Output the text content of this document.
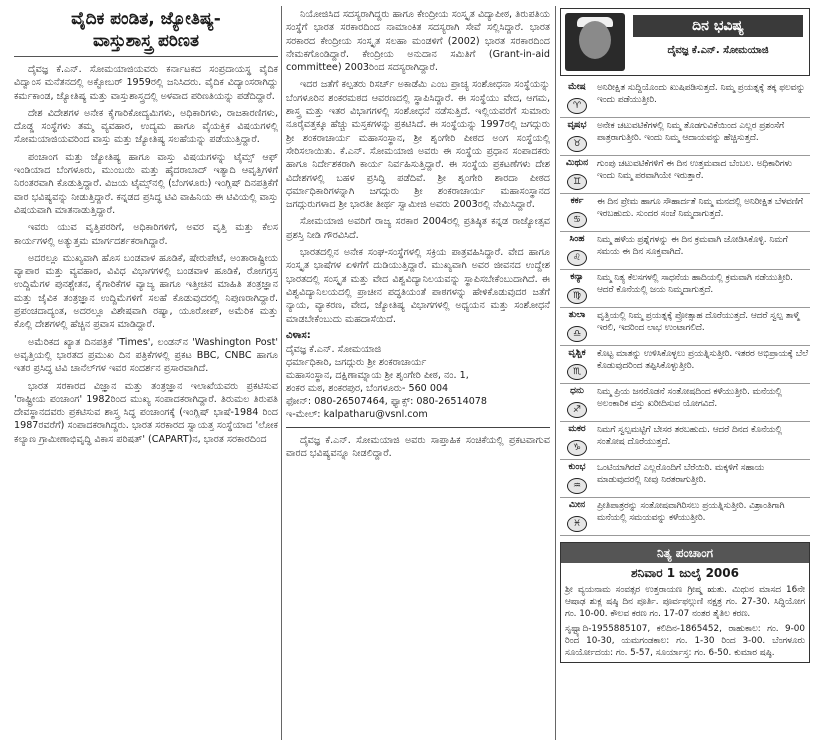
ವೈದಿಕ ಪಂಡಿತ, ಜ್ಯೋತಿಷ್ಯ-
ವಾಸ್ತುಶಾಸ್ತ್ರ ಪರಿಣತ

ದೈವಜ್ಞ ಕೆ.ಎನ್. ಸೋಮಯಾಜಿಯವರು ಕರ್ನಾಟಕದ ಸಂಪ್ರದಾಯಸ್ಥ ವೈದಿಕ ವಿದ್ವಾಂಸ ಮನೆತನದಲ್ಲಿ ಅಕ್ಟೋಬರ್ 1959ರಲ್ಲಿ ಜನಿಸಿದರು. ವೈದಿಕ ವಿದ್ಯಾಂಸರಾಗಿದ್ದು ಕರ್ಮಕಾಂಡ, ಜ್ಯೋತಿಷ್ಯ ಮತ್ತು ವಾಸ್ತುಶಾಸ್ತ್ರದಲ್ಲಿ ಅಳವಾದ ಪರಿಣತಿಯನ್ನು ಪಡೆದಿದ್ದಾರೆ.

ದೇಶ ವಿದೇಶಗಳ ಅನೇಕ ಕೈಗಾರಿಕೋದ್ಯಮಿಗಳು, ಅಧಿಕಾರಿಗಳು, ರಾಜಕಾರಣಿಗಳು, ದೊಡ್ಡ ಸಂಸ್ಥೆಗಳು ತಮ್ಮ ವ್ಯವಹಾರ, ಉದ್ಯಮ ಹಾಗೂ ವೈಯಕ್ತಿಕ ವಿಷಯಗಳಲ್ಲಿ ಸೋಮಯಾಜಿಯವರಿಂದ ವಾಸ್ತು ಮತ್ತು ಜ್ಯೋತಿಷ್ಯ ಸಲಹೆಯನ್ನು ಪಡೆಯುತ್ತಿದ್ದಾರೆ.

ಪಂಚಾಂಗ ಮತ್ತು ಜ್ಯೋತಿಷ್ಯ ಹಾಗೂ ವಾಸ್ತು ವಿಷಯಗಳನ್ನು ಟೈಮ್ಸ್ ಆಫ್ ಇಂಡಿಯಾದ ಬೆಂಗಳೂರು, ಮುಂಬಯಿ ಮತ್ತು ಹೈದರಾಬಾದ್ ಇತ್ಯಾದಿ ಆವೃತ್ತಿಗಳಿಗೆ ನಿರಂತರವಾಗಿ ಕೊಡುತ್ತಿದ್ದಾರೆ. ವಿಜಯ ಟೈಮ್ಸ್‌ನಲ್ಲಿ (ಬೆಂಗಳೂರು) ಇಂಗ್ಲಿಷ್ ದಿನಪತ್ರಿಕೆಗೆ ವಾರ ಭವಿಷ್ಯವನ್ನು ನೀಡುತ್ತಿದ್ದಾರೆ. ಕನ್ನಡದ ಪ್ರಸಿದ್ಧ ಟಿವಿ ವಾಹಿನಿಯ ಈ ಟಿವಿಯಲ್ಲಿ ವಾಸ್ತು ವಿಷಯವಾಗಿ ಮಾತನಾಡುತ್ತಿದ್ದಾರೆ.

ಇವರು ಯುವ ವೃತ್ತಿಪರರಿಗೆ, ಅಧಿಕಾರಿಗಳಿಗೆ, ಅವರ ವೃತ್ತಿ ಮತ್ತು ಕೆಲಸ ಕಾರ್ಯಗಳಲ್ಲಿ ಅತ್ಯುತ್ತಮ ಮಾರ್ಗದರ್ಶಕರಾಗಿದ್ದಾರೆ.

ಅದರಲ್ಲೂ ಮುಖ್ಯವಾಗಿ ಹೊಸ ಬಂಡವಾಳ ಹೂಡಿಕೆ, ಷೇರುಪೇಟೆ, ಅಂತಾರಾಷ್ಟ್ರೀಯ ವ್ಯಾಪಾರ ಮತ್ತು ವ್ಯವಹಾರ, ವಿವಿಧ ವಿಭಾಗಗಳಲ್ಲಿ ಬಂಡವಾಳ ಹೂಡಿಕೆ, ರೋಗಗ್ರಸ್ತ ಉದ್ದಿಮೆಗಳ ಪುನಶ್ಚೇತನ, ಕೈಗಾರಿಕೆಗಳ ವ್ಯಾಜ್ಯ ಹಾಗೂ ಇತ್ತೀಚಿನ ಮಾಹಿತಿ ತಂತ್ರಜ್ಞಾನ ಮತ್ತು ಜೈವಿಕ ತಂತ್ರಜ್ಞಾನ ಉದ್ದಿಮೆಗಳಿಗೆ ಸಲಹೆ ಕೊಡುವುದರಲ್ಲಿ ನಿಪುಣರಾಗಿದ್ದಾರೆ. ಪ್ರಪಂಚದಾದ್ಯಂತ, ಅದರಲ್ಲೂ ವಿಶೇಷವಾಗಿ ರಷ್ಯಾ, ಯೂರೋಪ್, ಅಮೆರಿಕ ಮತ್ತು ಕೊಲ್ಲಿ ದೇಶಗಳಲ್ಲಿ ಹೆಚ್ಚಿನ ಪ್ರವಾಸ ಮಾಡಿದ್ದಾರೆ.

ಅಮೆರಿಕದ ಖ್ಯಾತ ದಿನಪತ್ರಿಕೆ 'Times', ಲಂಡನ್‌ನ 'Washington Post' ಅವೃತ್ತಿಯಲ್ಲಿ ಭಾರತದ ಪ್ರಮುಖ ದಿನ ಪತ್ರಿಕೆಗಳಲ್ಲಿ ಪ್ರಕಟ BBC, CNBC ಹಾಗೂ ಇತರ ಪ್ರಸಿದ್ಧ ಟಿವಿ ಚಾನೆಲ್‌ಗಳ ಇವರ ಸಂದರ್ಶನ ಪ್ರಸಾರವಾಗಿದೆ.

ಭಾರತ ಸರಕಾರದ ವಿಜ್ಞಾನ ಮತ್ತು ತಂತ್ರಜ್ಞಾನ ಇಲಾಖೆಯವರು ಪ್ರಕಟಿಸುವ 'ರಾಷ್ಟ್ರೀಯ ಪಂಚಾಂಗ' 1982ರಿಂದ ಮುಖ್ಯ ಸಂಪಾದಕರಾಗಿದ್ದಾರೆ. ತಿರುಮಲ ತಿರುಪತಿ ದೇವಸ್ಥಾನದವರು ಪ್ರಕಟಿಸುವ ಶಾಸ್ತ್ರ ಸಿದ್ಧ ಪಂಚಾಂಗಕ್ಕೆ (ಇಂಗ್ಲಿಷ್ ಭಾಷೆ-1984 ರಿಂದ 1987ರವರೆಗೆ) ಸಂಪಾದಕರಾಗಿದ್ದರು. ಭಾರತ ಸರಕಾರದ ಸ್ವಾಯತ್ತ ಸಂಸ್ಥೆಯಾದ 'ಲೋಕ ಕಲ್ಯಾಣ ಗ್ರಾಮೀಣಾಭಿವೃದ್ಧಿ ವಿಕಾಸ ಪರಿಷತ್' (CAPART)ನ, ಭಾರತ ಸರಕಾರದಿಂದ

ನಿಯೋಜಿಸಿದ ಸದಸ್ಯರಾಗಿದ್ದರು ಹಾಗೂ ಕೇಂದ್ರೀಯ ಸಂಸ್ಕೃತ ವಿದ್ಯಾಪೀಠ, ತಿರುಪತಿಯ ಸಂಸ್ಥೆಗೆ ಭಾರತ ಸರಕಾರದಿಂದ ನಾಮಾಂಕಿತ ಸದಸ್ಯರಾಗಿ ಸೇವೆ ಸಲ್ಲಿಸಿದ್ದಾರೆ. ಭಾರತ ಸರಕಾರದ ಕೇಂದ್ರೀಯ ಸಂಸ್ಕೃತ ಸಲಹಾ ಮಂಡಳಿಗೆ (2002) ಭಾರತ ಸರಕಾರದಿಂದ ನೇಮಕಗೊಂಡಿದ್ದಾರೆ. ಕೇಂದ್ರೀಯ ಅನುದಾನ ಸಮಿತಿಗೆ (Grant-in-aid committee) 2003ರಿಂದ ಸದಸ್ಯರಾಗಿದ್ದಾರೆ.

ಇದರ ಜತೆಗೆ ಕಲ್ಪತರು ರಿಸರ್ಚ್ ಅಕಾಡೆಮಿ ಎಂಬ ಪ್ರಾಚ್ಯ ಸಂಶೋಧನಾ ಸಂಸ್ಥೆಯನ್ನು ಬೆಂಗಳೂರಿನ ಶಂಕರಮಠದ ಆವರಣದಲ್ಲಿ ಸ್ಥಾಪಿಸಿದ್ದಾರೆ. ಈ ಸಂಸ್ಥೆಯು ವೇದ, ಆಗಮ, ಶಾಸ್ತ್ರ ಮತ್ತು ಇತರ ವಿಭಾಗಗಳಲ್ಲಿ ಸಂಶೋಧನೆ ನಡೆಸುತ್ತಿದೆ. ಇಲ್ಲಿಯವರೆಗೆ ಸುಮಾರು ನೂರೈವತ್ತಕ್ಕೂ ಹೆಚ್ಚು ಮಸ್ತಕಗಳನ್ನು ಪ್ರಕಟಿಸಿದೆ. ಈ ಸಂಸ್ಥೆಯನ್ನು 1997ರಲ್ಲಿ ಜಗದ್ಗುರು ಶ್ರೀ ಶಂಕರಾಚಾರ್ಯ ಮಹಾಸಂಸ್ಥಾನ, ಶ್ರೀ ಶೃಂಗೇರಿ ಪೀಠದ ಅಂಗ ಸಂಸ್ಥೆಯಲ್ಲಿ ಸೇರಿಸಲಾಯಿತು. ಕೆ.ಎನ್. ಸೋಮಯಾಜಿ ಅವರು ಈ ಸಂಸ್ಥೆಯ ಪ್ರಧಾನ ಸಂಪಾದಕರು ಹಾಗೂ ನಿರ್ದೇಶಕರಾಗಿ ಕಾರ್ಯ ನಿರ್ವಹಿಸುತ್ತಿದ್ದಾರೆ. ಈ ಸಂಸ್ಥೆಯ ಪ್ರಕಟಣೆಗಳು ದೇಶ ವಿದೇಶಗಳಲ್ಲಿ ಬಹಳ ಪ್ರಸಿದ್ಧಿ ಪಡೆದಿವೆ. ಶ್ರೀ ಶೃಂಗೇರಿ ಶಾರದಾ ಪೀಠದ ಧರ್ಮಾಧಿಕಾರಿಗಳನ್ನಾಗಿ ಜಗದ್ಗುರು ಶ್ರೀ ಶಂಕರಾಚಾರ್ಯ ಮಹಾಸಂಸ್ಥಾನದ ಜಗದ್ಗುರುಗಳಾದ ಶ್ರೀ ಭಾರತೀ ತೀರ್ಥ ಸ್ವಾಮೀಜಿ ಅವರು 2003ರಲ್ಲಿ ನೇಮಿಸಿದ್ದಾರೆ.

ಸೋಮಯಾಜಿ ಅವರಿಗೆ ರಾಜ್ಯ ಸರಕಾರ 2004ರಲ್ಲಿ ಪ್ರತಿಷ್ಠಿತ ಕನ್ನಡ ರಾಜ್ಯೋತ್ಸವ ಪ್ರಶಸ್ತಿ ನೀಡಿ ಗೌರವಿಸಿದೆ.

ಭಾರತದಲ್ಲಿನ ಅನೇಕ ಸಂಘ-ಸಂಸ್ಥೆಗಳಲ್ಲಿ ಸಕ್ರಿಯ ಪಾತ್ರವಹಿಸಿದ್ದಾರೆ. ವೇದ ಹಾಗೂ ಸಂಸ್ಕೃತ ಭಾಷೆಗಳ ಏಳಿಗೆಗೆ ದುಡಿಯುತ್ತಿದ್ದಾರೆ. ಮುಖ್ಯವಾಗಿ ಅವರ ಜೀವನದ ಉದ್ದೇಶ ಭಾರತದಲ್ಲಿ ಸಂಸ್ಕೃತ ಮತ್ತು ವೇದ ವಿಶ್ವವಿದ್ಯಾನಿಲಯವನ್ನು ಸ್ಥಾಪಿಸಬೇಕೆಂಬುದಾಗಿದೆ. ಈ ವಿಶ್ವವಿದ್ಯಾನಿಲಯದಲ್ಲಿ ಪ್ರಾಚೀನ ಪದ್ಧತಿಯಂತೆ ಪಾಠಗಳನ್ನು ಹೇಳಿಕೊಡುವುದರ ಜತೆಗೆ ನ್ಯಾಯ, ವ್ಯಾಕರಣ, ವೇದ, ಜ್ಯೋತಿಷ್ಯ ವಿಭಾಗಗಳಲ್ಲಿ ಅಧ್ಯಯನ ಮತ್ತು ಸಂಶೋಧನೆ ಮಾಡಬೇಕೆಂಬುದು ಮಹದಾಸೆಯಿದೆ.

ವಿಳಾಸ:

ದೈವಜ್ಞ ಕೆ.ಎನ್. ಸೋಮಯಾಜಿ

ಧರ್ಮಾಧಿಕಾರಿ, ಜಗದ್ಗುರು ಶ್ರೀ ಶಂಕರಾಚಾರ್ಯ

ಮಹಾಸಂಸ್ಥಾನ, ದಕ್ಷಿಣಾಮ್ನಾಯ ಶ್ರೀ ಶೃಂಗೇರಿ ಪೀಠ, ನಂ. 1,

ಶಂಕರ ಮಠ, ಶಂಕರಪುರ, ಬೆಂಗಳೂರು- 560 004

ಫೋನ್: 080-26507464, ಫ್ಯಾಕ್ಸ್: 080-26514078

ಇ-ಮೇಲ್: kalpatharu@vsnl.com

ದೈವಜ್ಞ ಕೆ.ಎನ್. ಸೋಮಯಾಜಿ ಅವರು ಸಾಪ್ತಾಹಿಕ ಸಂಚಿಕೆಯಲ್ಲಿ ಪ್ರಕಟವಾಗುವ ವಾರದ ಭವಿಷ್ಯವನ್ನೂ ನೀಡಲಿದ್ದಾರೆ.

ದಿನ ಭವಿಷ್ಯ
ದೈವಜ್ಞ ಕೆ.ಎನ್. ಸೋಮಯಾಜಿ
ಮೇಷ
♈
ಅನಿರೀಕ್ಷಿತ ಸುದ್ದಿಯೊಂದು ಖುಷಿಪಡಿಸುತ್ತದೆ. ನಿಮ್ಮ ಪ್ರಯತ್ನಕ್ಕೆ ತಕ್ಕ ಫಲವನ್ನು ಇಂದು ಪಡೆಯುತ್ತೀರಿ.
ವೃಷಭ
♉
ಅನೇಕ ಚಟುವಟಿಕೆಗಳಲ್ಲಿ ನಿಮ್ಮ ತೊಡಗುವಿಕೆಯಿಂದ ಎಲ್ಲರ ಪ್ರಶಂಸೆಗೆ ಪಾತ್ರರಾಗುತ್ತೀರಿ. ಇಂದು ನಿಮ್ಮ ಆದಾಯವನ್ನು ಹೆಚ್ಚಿಸುತ್ತದೆ.
ಮಿಥುನ
♊
ಗುಂಪು ಚಟುವಟಿಕೆಗಳಿಗೆ ಈ ದಿನ ಉತ್ತಮವಾದ ಬೆಂಬಲ. ಅಧಿಕಾರಿಗಳು ಇಂದು ನಿಮ್ಮ ಪರವಾಗಿಯೇ ಇರುತ್ತಾರೆ.
ಕರ್ಕ
♋
ಈ ದಿನ ಪ್ರೇಮ ಹಾಗೂ ಸೌಹಾರ್ದತೆ ನಿಮ್ಮ ಮನದಲ್ಲಿ ಅನಿರೀಕ್ಷಿತ ಬೆಳವಣಿಗೆ ಇರಬಹುದು. ಸುಂದರ ಸಂಜೆ ನಿಮ್ಮದಾಗುತ್ತದೆ.
ಸಿಂಹ
♌
ನಿಮ್ಮ ಹಳೆಯ ಪ್ರಶ್ನೆಗಳನ್ನು ಈ ದಿನ ಕ್ರಮವಾಗಿ ಜೋಡಿಸಿಕೊಳ್ಳಿ. ನಿಮಗೆ ಸಮಯ ಈ ದಿನ ಸೂಕ್ತವಾಗಿದೆ.
ಕನ್ಯಾ
♍
ನಿಮ್ಮ ನಿತ್ಯ ಕೆಲಸಗಳಲ್ಲಿ ಸಾಧನೆಯ ಹಾದಿಯಲ್ಲಿ ಕ್ರಮವಾಗಿ ನಡೆಯುತ್ತೀರಿ. ಆದರೆ ಕೊನೆಯಲ್ಲಿ ಜಯ ನಿಮ್ಮದಾಗುತ್ತದೆ.
ತುಲಾ
♎
ವೃತ್ತಿಯಲ್ಲಿ ನಿಮ್ಮ ಪ್ರಯತ್ನಕ್ಕೆ ಪ್ರೋತ್ಸಾಹ ದೊರೆಯುತ್ತದೆ. ಆದರೆ ಸ್ವಲ್ಪ ತಾಳ್ಮೆ ಇರಲಿ, ಇದರಿಂದ ಲಾಭ ಉಂಟಾಗಲಿದೆ.
ವೃಶ್ಚಿಕ
♏
ಕೊಟ್ಟ ಮಾತನ್ನು ಉಳಿಸಿಕೊಳ್ಳಲು ಪ್ರಯತ್ನಿಸುತ್ತೀರಿ. ಇತರರ ಅಭಿಪ್ರಾಯಕ್ಕೆ ಬೆಲೆ ಕೊಡುವುದರಿಂದ ತಪ್ಪಿಸಿಕೊಳ್ಳುತ್ತೀರಿ.
ಧನು
♐
ನಿಮ್ಮ ಪ್ರಿಯ ಜನರೊಡನೆ ಸಂತೋಷದಿಂದ ಕಳೆಯುತ್ತೀರಿ. ಮನೆಯಲ್ಲಿ ಅಲಂಕಾರಿಕ ವಸ್ತು ಖರೀದಿಸುವ ಯೋಗವಿದೆ.
ಮಕರ
♑
ನಿಮಗೆ ಸ್ವಲ್ಪಮಟ್ಟಿಗೆ ಬೇಸರ ತರಬಹುದು. ಆದರೆ ದಿನದ ಕೊನೆಯಲ್ಲಿ ಸಂತೋಷ ದೊರೆಯುತ್ತದೆ.
ಕುಂಭ
♒
ಒಂಟಿಯಾಗಿರದೆ ಎಲ್ಲರೊಂದಿಗೆ ಬೆರೆಯಿರಿ. ಮಕ್ಕಳಿಗೆ ಸಹಾಯ ಮಾಡುವುದರಲ್ಲಿ ನೀವು ನಿರತರಾಗುತ್ತೀರಿ.
ಮೀನ
♓
ಪ್ರೀತಿಪಾತ್ರರನ್ನು ಸಂತೋಷವಾಗಿರಿಸಲು ಪ್ರಯತ್ನಿಸುತ್ತೀರಿ. ವಿಶ್ರಾಂತಿಗಾಗಿ ಮನೆಯಲ್ಲಿ ಸಮಯವನ್ನು ಕಳೆಯುತ್ತೀರಿ.
ನಿತ್ಯ ಪಂಚಾಂಗ
ಶನಿವಾರ 1 ಜುಲೈ 2006
ಶ್ರೀ ವ್ಯಯನಾಮ ಸಂವತ್ಸರ ಉತ್ತರಾಯಣ ಗ್ರೀಷ್ಮ ಋತು. ಮಿಥುನ ಮಾಸದ 16ನೇ ಆಷಾಢ ಶುಕ್ಲ ಷಷ್ಠಿ ದಿನ ಪೂರ್ತಿ. ಪೂರ್ವಫಲ್ಗುಣಿ ನಕ್ಷತ್ರ ಗಂ. 27-30. ಸಿದ್ಧಿಯೋಗ ಗಂ. 10-00. ಕೌಲವ ಕರಣ ಗಂ. 17-07 ನಂತರ ತೈತಿಲ ಕರಣ.
ಸೃಷ್ಟ್ಯಾದಿ-1955885107, ಕಲಿದಿನ-1865452, ರಾಹುಕಾಲ: ಗಂ. 9-00 ರಿಂದ 10-30, ಯಮಗಂಡಕಾಲ: ಗಂ. 1-30 ರಿಂದ 3-00. ಬೆಂಗಳೂರು ಸೂರ್ಯೋದಯ: ಗಂ. 5-57, ಸೂರ್ಯಾಸ್ತ: ಗಂ. 6-50. ಕುಮಾರ ಷಷ್ಠಿ.
